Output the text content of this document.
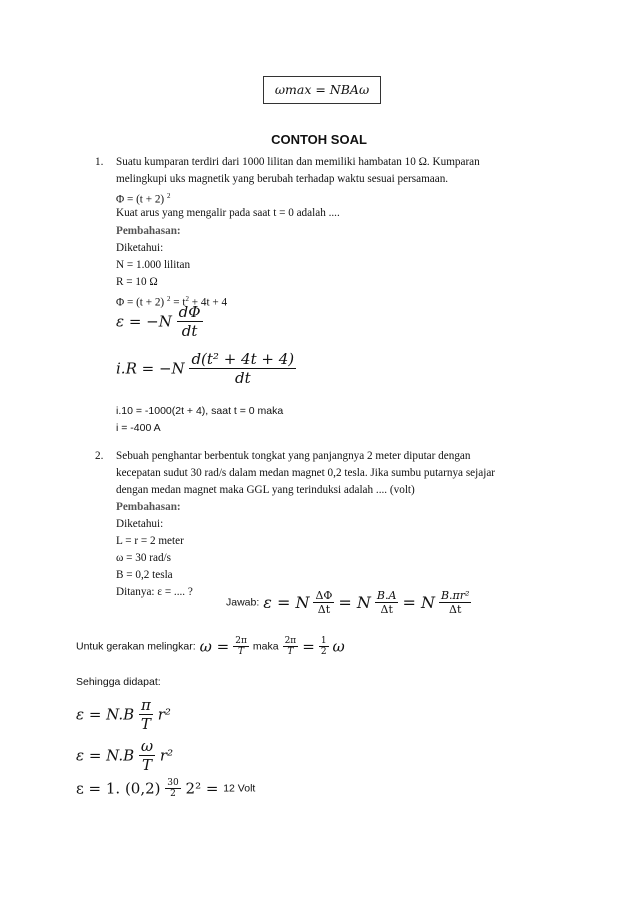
ωmax = NBAω
CONTOH SOAL
1. Suatu kumparan terdiri dari 1000 lilitan dan memiliki hambatan 10 Ω. Kumparan
melingkupi uks magnetik yang berubah terhadap waktu sesuai persamaan.
Φ = (t + 2) $^2$
Kuat arus yang mengalir pada saat t = 0 adalah ....
Pembahasan:
Diketahui:
N = 1.000 lilitan
R = 10 Ω
Φ = (t + 2) $^2 = t^2 + 4t + 4$
$\varepsilon = -N \frac{d\Phi}{dt}$
$i.R = -N \frac{\text{d(t² + 4t + 4)}}{dt}$
i.10 = -1000(2t + 4), saat t = 0 maka
i = -400 A
2. Sebuah penghantar berbentuk tongkat yang panjangnya 2 meter diputar dengan
kecepatan sudut 30 rad/s dalam medan magnet 0,2 tesla. Jika sumbu putarnya sejajar
dengan medan magnet maka GGL yang terinduksi adalah .... (volt)
Pembahasan:
Diketahui:
L = r = 2 meter
ω = 30 rad/s
B = 0,2 tesla
Ditanya: ε = .... ?
Jawab: ε = N $\frac{\Delta\Phi}{\Delta t} = N \frac{B.A}{\Delta t} = N \frac{\text{B.πr²}}{\Delta t}$
Untuk gerakan melingkar: $\omega = \frac{2\pi}{T}$ maka $\frac{2\pi}{T} = \frac{1}{2}$ ω
Sehingga didapat:
$\varepsilon = N.B \frac{\pi}{T} r^2$
$\varepsilon = N.B \frac{\omega}{T} r^2$
ε = 1. $(0,2) \frac{30}{2} 2^2 = 12$ Volt
